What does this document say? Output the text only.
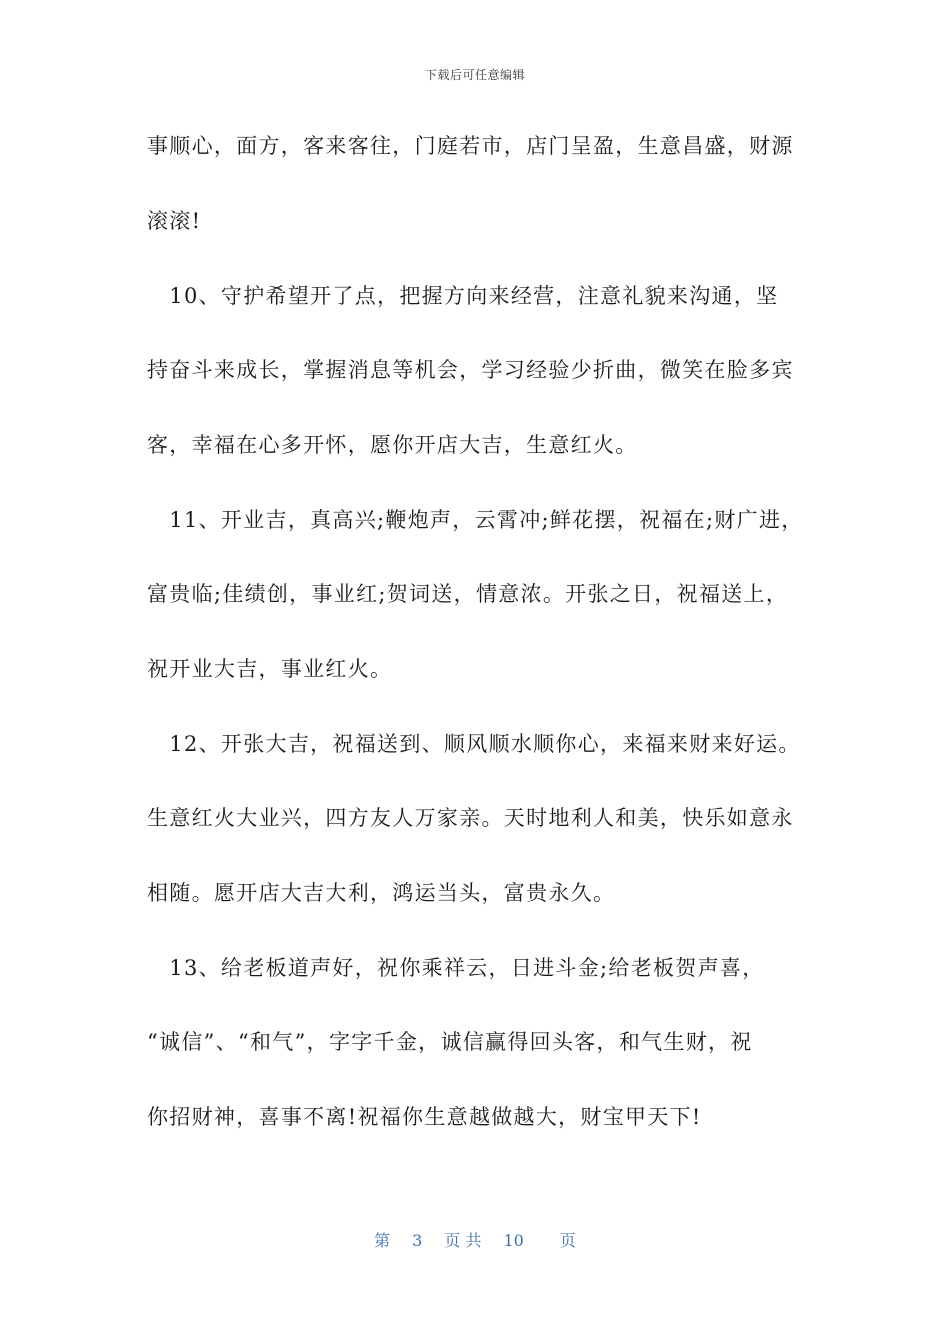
下载后可任意编辑
事顺心，面方，客来客往，门庭若市，店门呈盈，生意昌盛，财源
滚滚!
　10、守护希望开了点，把握方向来经营，注意礼貌来沟通，坚
持奋斗来成长，掌握消息等机会，学习经验少折曲，微笑在脸多宾
客，幸福在心多开怀，愿你开店大吉，生意红火。
　11、开业吉，真高兴;鞭炮声，云霄冲;鲜花摆，祝福在;财广进，
富贵临;佳绩创，事业红;贺词送，情意浓。开张之日，祝福送上，
祝开业大吉，事业红火。
　12、开张大吉，祝福送到、顺风顺水顺你心，来福来财来好运。
生意红火大业兴，四方友人万家亲。天时地利人和美，快乐如意永
相随。愿开店大吉大利，鸿运当头，富贵永久。
　13、给老板道声好，祝你乘祥云，日进斗金;给老板贺声喜，
“诚信”、“和气”，字字千金，诚信赢得回头客，和气生财，祝
你招财神，喜事不离!祝福你生意越做越大，财宝甲天下!
第 3 页 共 10 页
